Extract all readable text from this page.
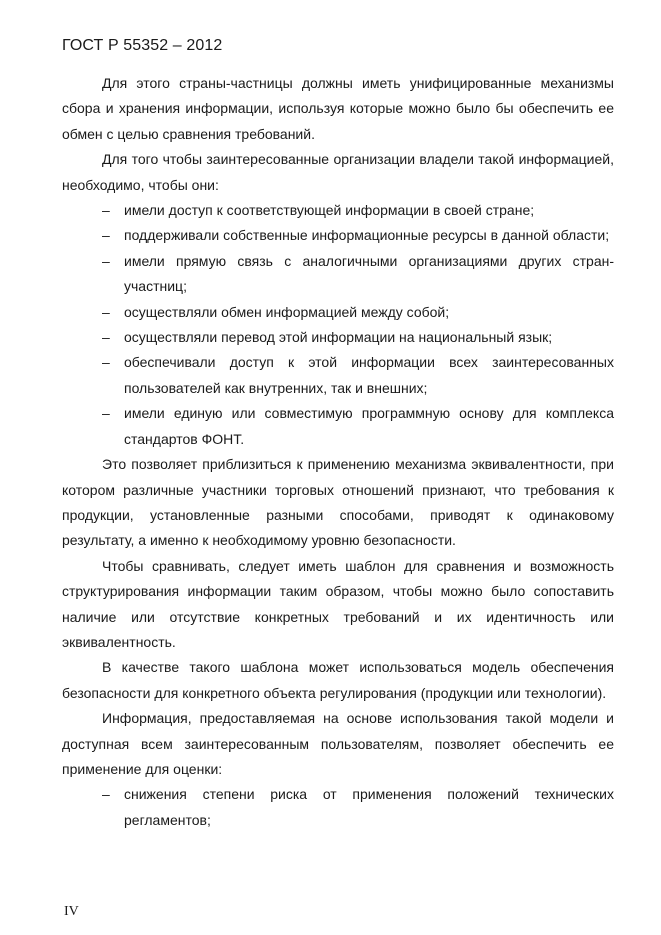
ГОСТ Р 55352 – 2012

Для этого страны-частницы должны иметь унифицированные механизмы сбора и хранения информации, используя которые можно было бы обеспечить ее обмен с целью сравнения требований.

Для того чтобы заинтересованные организации владели такой информацией, необходимо, чтобы они:

– имели доступ к соответствующей информации в своей стране;

– поддерживали собственные информационные ресурсы в данной области;

– имели прямую связь с аналогичными организациями других стран-участниц;

– осуществляли обмен информацией между собой;

– осуществляли перевод этой информации на национальный язык;

– обеспечивали доступ к этой информации всех заинтересованных пользователей как внутренних, так и внешних;

– имели единую или совместимую программную основу для комплекса стандартов ФОНТ.

Это позволяет приблизиться к применению механизма эквивалентности, при котором различные участники торговых отношений признают, что требования к продукции, установленные разными способами, приводят к одинаковому результату, а именно к необходимому уровню безопасности.

Чтобы сравнивать, следует иметь шаблон для сравнения и возможность структурирования информации таким образом, чтобы можно было сопоставить наличие или отсутствие конкретных требований и их идентичность или эквивалентность.

В качестве такого шаблона может использоваться модель обеспечения безопасности для конкретного объекта регулирования (продукции или технологии).

Информация, предоставляемая на основе использования такой модели и доступная всем заинтересованным пользователям, позволяет обеспечить ее применение для оценки:

– снижения степени риска от применения положений технических регламентов;

IV
